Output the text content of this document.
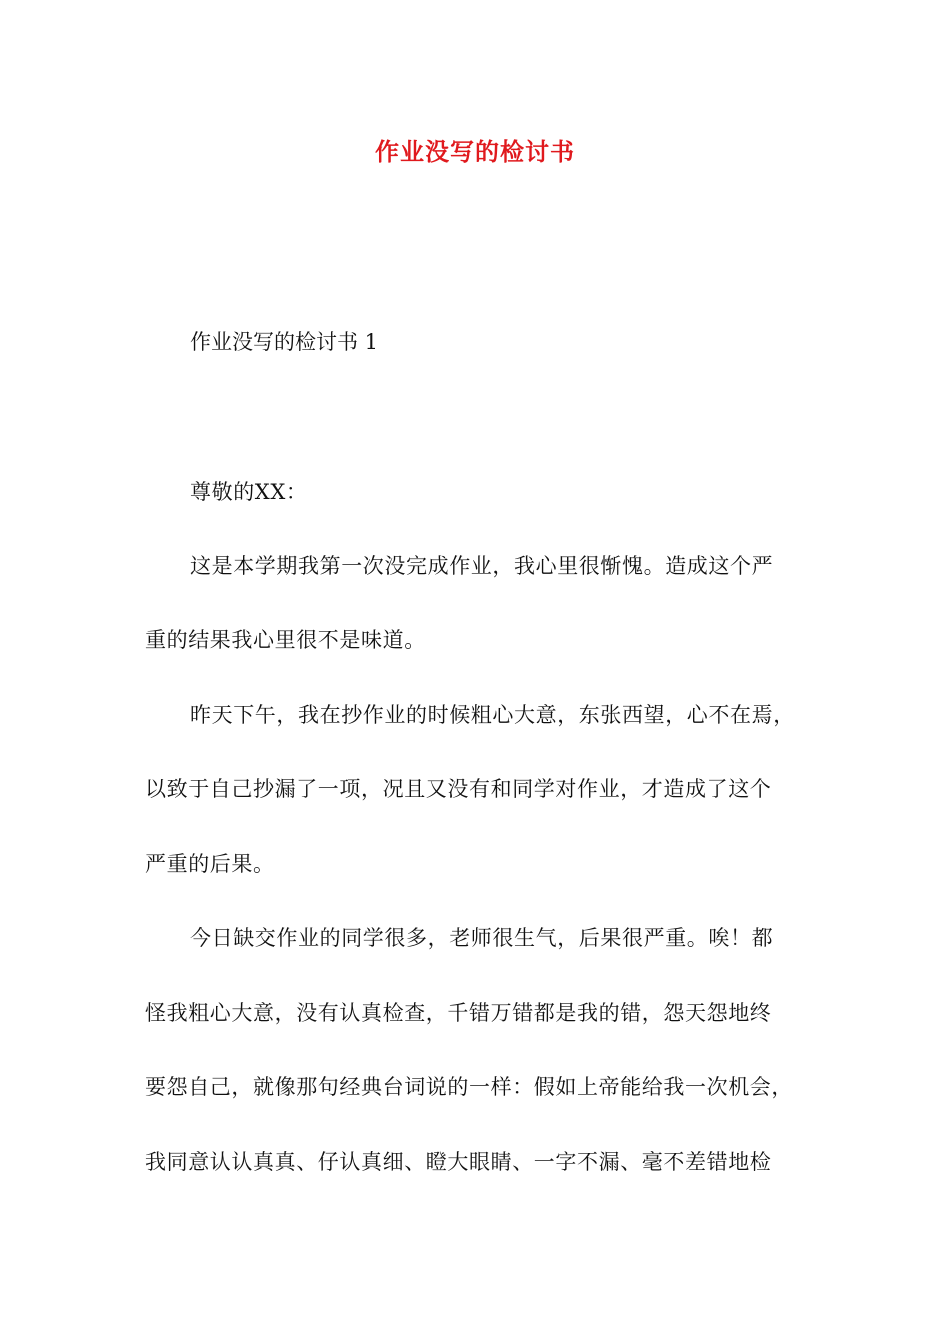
作业没写的检讨书
作业没写的检讨书 1
尊敬的XX：
这是本学期我第一次没完成作业，我心里很惭愧。造成这个严
重的结果我心里很不是味道。
昨天下午，我在抄作业的时候粗心大意，东张西望，心不在焉，
以致于自己抄漏了一项，况且又没有和同学对作业，才造成了这个
严重的后果。
今日缺交作业的同学很多，老师很生气，后果很严重。唉！都
怪我粗心大意，没有认真检查，千错万错都是我的错，怨天怨地终
要怨自己，就像那句经典台词说的一样：假如上帝能给我一次机会，
我同意认认真真、仔认真细、瞪大眼睛、一字不漏、毫不差错地检
